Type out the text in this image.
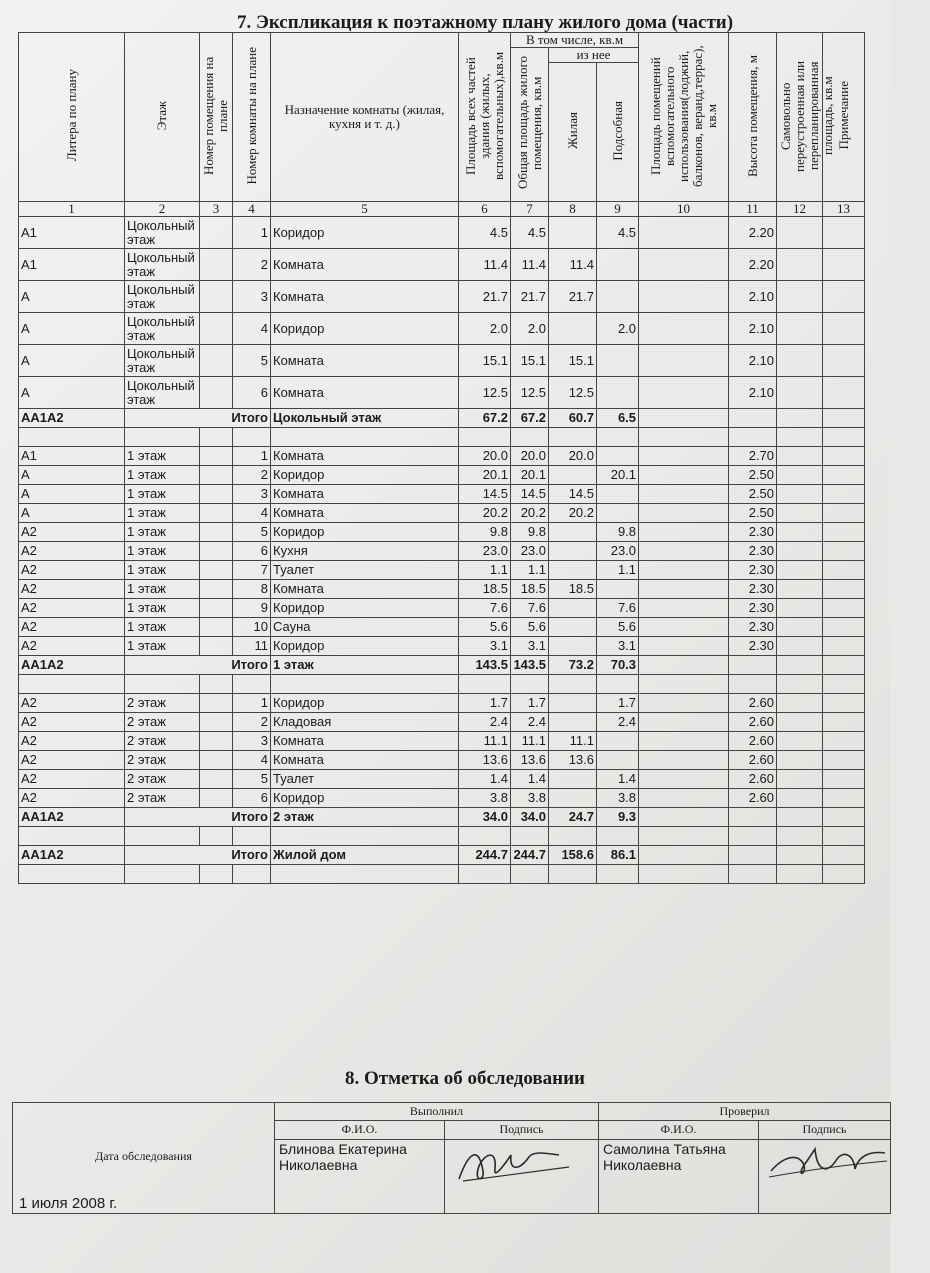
7. Экспликация к поэтажному плану жилого дома (части)
Литера по плану	Этаж	Номер помещения на плане	Номер комнаты на плане	Назначение комнаты (жилая, кухня и т. д.)	Площадь всех частей здания (жилых, вспомогательных),кв.м	В том числе, кв.м			Площадь помещений вспомогательного использования(лоджий, балконов, веранд,террас), кв.м	Высота помещения, м	Самовольно переустроенная или перепланированная площадь, кв.м	Примечание
						Общая площадь жилого помещения, кв.м	из нее					
							Жилая	Подсобная				
1	2	3	4	5	6	7	8	9	10	11	12	13
А1	Цокольный этаж		1	Коридор	4.5	4.5		4.5		2.20		
А1	Цокольный этаж		2	Комната	11.4	11.4	11.4			2.20		
А	Цокольный этаж		3	Комната	21.7	21.7	21.7			2.10		
А	Цокольный этаж		4	Коридор	2.0	2.0		2.0		2.10		
А	Цокольный этаж		5	Комната	15.1	15.1	15.1			2.10		
А	Цокольный этаж		6	Комната	12.5	12.5	12.5			2.10		
АА1А2	Итого			Цокольный этаж	67.2	67.2	60.7	6.5				

А1	1 этаж		1	Комната	20.0	20.0	20.0			2.70		
А	1 этаж		2	Коридор	20.1	20.1		20.1		2.50		
А	1 этаж		3	Комната	14.5	14.5	14.5			2.50		
А	1 этаж		4	Комната	20.2	20.2	20.2			2.50		
А2	1 этаж		5	Коридор	9.8	9.8		9.8		2.30		
А2	1 этаж		6	Кухня	23.0	23.0		23.0		2.30		
А2	1 этаж		7	Туалет	1.1	1.1		1.1		2.30		
А2	1 этаж		8	Комната	18.5	18.5	18.5			2.30		
А2	1 этаж		9	Коридор	7.6	7.6		7.6		2.30		
А2	1 этаж		10	Сауна	5.6	5.6		5.6		2.30		
А2	1 этаж		11	Коридор	3.1	3.1		3.1		2.30		
АА1А2	Итого			1 этаж	143.5	143.5	73.2	70.3				

А2	2 этаж		1	Коридор	1.7	1.7		1.7		2.60		
А2	2 этаж		2	Кладовая	2.4	2.4		2.4		2.60		
А2	2 этаж		3	Комната	11.1	11.1	11.1			2.60		
А2	2 этаж		4	Комната	13.6	13.6	13.6			2.60		
А2	2 этаж		5	Туалет	1.4	1.4		1.4		2.60		
А2	2 этаж		6	Коридор	3.8	3.8		3.8		2.60		
АА1А2	Итого			2 этаж	34.0	34.0	24.7	9.3				

АА1А2	Итого			Жилой дом	244.7	244.7	158.6	86.1				

8. Отметка об обследовании
Дата обследования
1 июля 2008 г.	Выполнил		Проверил	
	Ф.И.О.	Подпись	Ф.И.О.	Подпись
	Блинова Екатерина Николаевна		Самолина Татьяна Николаевна	
